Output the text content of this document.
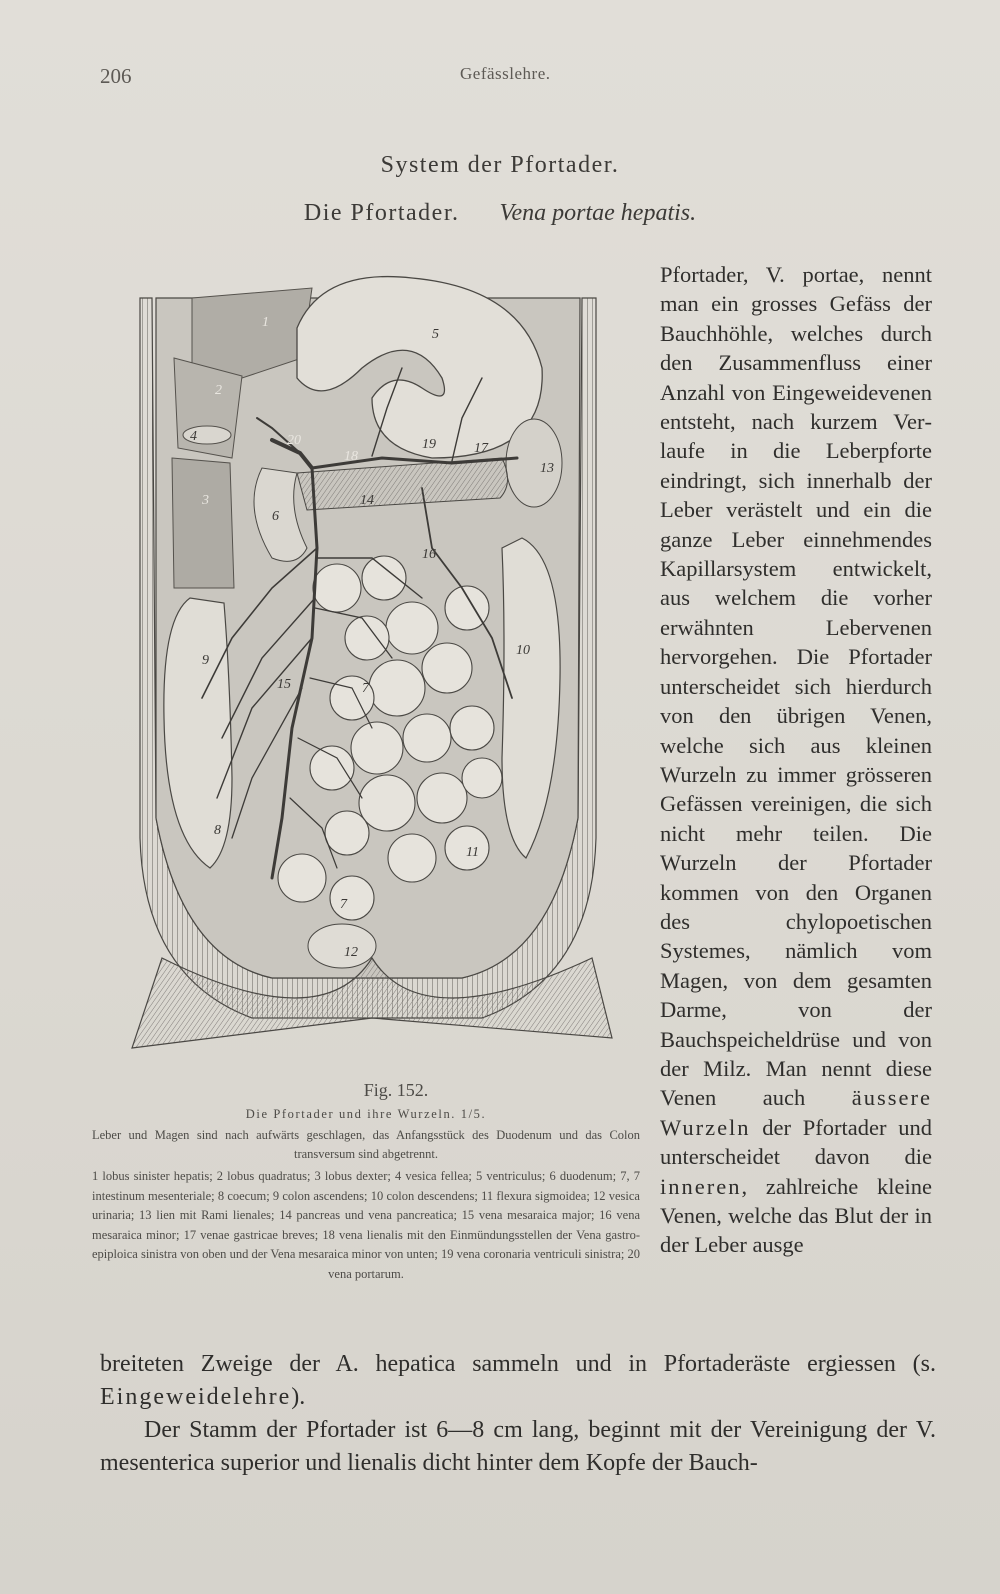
206	Gefässlehre.
System der Pfortader.
Die Pfortader. Vena portae hepatis.
1
2
3
4
5
6
7
7
8
9
10
11
12
13
14
15
16
17
18
19
20
Fig. 152.
Die Pfortader und ihre Wurzeln. 1/5.
Leber und Magen sind nach aufwärts geschlagen, das Anfangsstück des Duodenum und das Colon transversum sind abgetrennt.
1 lobus sinister hepatis; 2 lobus quadratus; 3 lobus dexter; 4 vesica fellea; 5 ventriculus; 6 duodenum; 7, 7 intestinum mesenteriale; 8 coecum; 9 colon ascendens; 10 colon descendens; 11 flexura sigmoidea; 12 vesica urinaria; 13 lien mit Rami lienales; 14 pancreas und vena pancreatica; 15 vena mesaraica major; 16 vena mesaraica minor; 17 venae gastricae breves; 18 vena lienalis mit den Einmündungsstellen der Vena gastro-epiploica sinistra von oben und der Vena mesaraica minor von unten; 19 vena coronaria ventriculi sinistra; 20 vena portarum.
Pfortader, V. portae, nennt man ein grosses Gefäss der Bauchhöhle, welches durch den Zusammenfluss einer Anzahl von Eingeweidevenen entsteht, nach kurzem Verlaufe in die Leberpforte eindringt, sich innerhalb der Leber verästelt und ein die ganze Leber einnehmendes Kapillarsystem entwickelt, aus welchem die vorher erwähnten Lebervenen hervorgehen. Die Pfortader unterscheidet sich hierdurch von den übrigen Venen, welche sich aus kleinen Wurzeln zu immer grösseren Gefässen vereinigen, die sich nicht mehr teilen. Die Wurzeln der Pfortader kommen von den Organen des chylopoetischen Systemes, nämlich vom Magen, von dem gesamten Darme, von der Bauchspeicheldrüse und von der Milz. Man nennt diese Venen auch äussere Wurzeln der Pfortader und unterscheidet davon die inneren, zahlreiche kleine Venen, welche das Blut der in der Leber ausge

breiteten Zweige der A. hepatica sammeln und in Pfortaderäste ergiessen (s. Eingeweidelehre).

Der Stamm der Pfortader ist 6—8 cm lang, beginnt mit der Vereinigung der V. mesenterica superior und lienalis dicht hinter dem Kopfe der Bauch-
